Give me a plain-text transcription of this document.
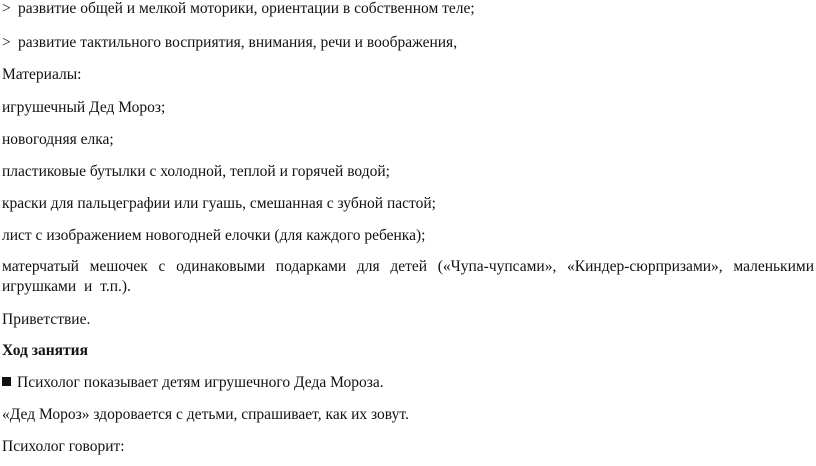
> развитие общей и мелкой моторики, ориентации в собственном теле;
> развитие тактильного восприятия, внимания, речи и воображения,
Материалы:
игрушечный Дед Мороз;
новогодняя елка;
пластиковые бутылки с холодной, теплой и горячей водой;
краски для пальцеграфии или гуашь, смешанная с зубной пастой;
лист с изображением новогодней елочки (для каждого ребенка);
матерчатый мешочек с одинаковыми подарками для детей («Чупа-чупсами», «Киндер-сюрпризами», маленькими игрушками и т.п.).
Приветствие.
Ход занятия
Психолог показывает детям игрушечного Деда Мороза.
«Дед Мороз» здоровается с детьми, спрашивает, как их зовут.
Психолог говорит:
